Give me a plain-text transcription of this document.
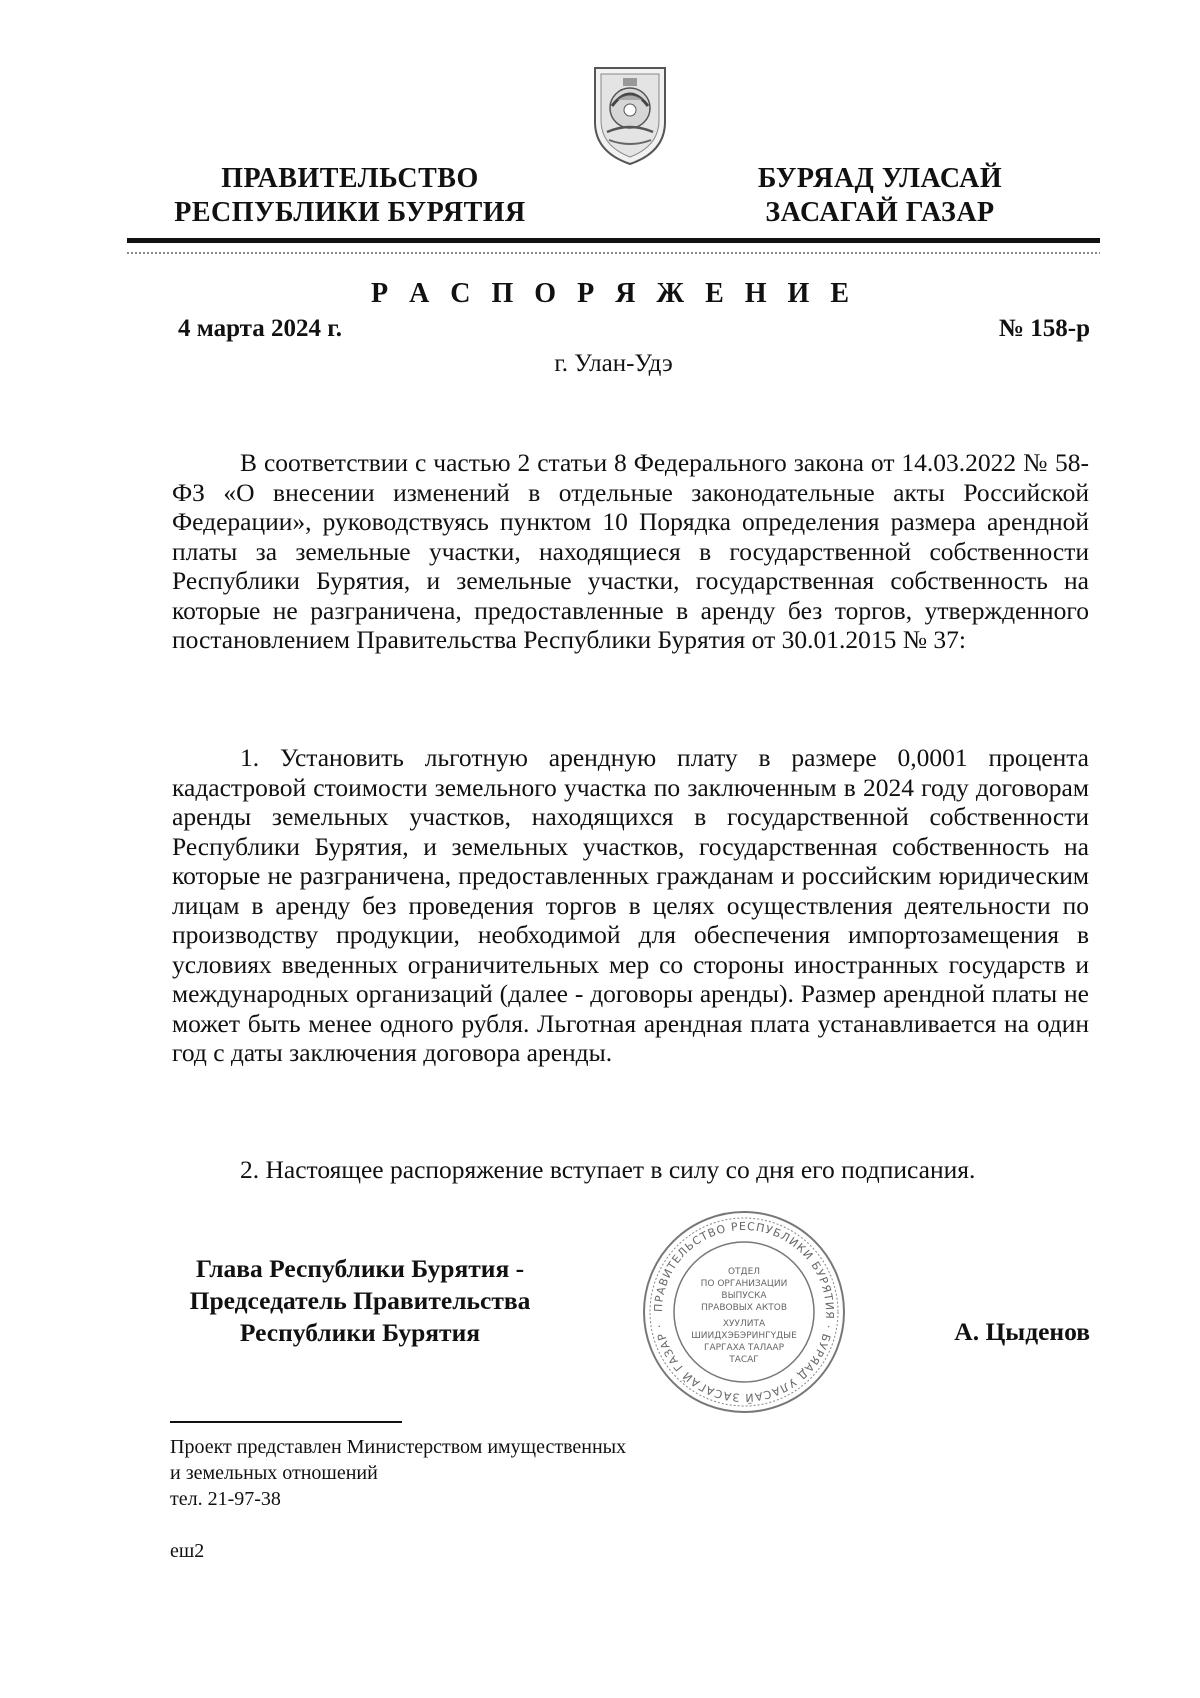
ПРАВИТЕЛЬСТВО
РЕСПУБЛИКИ БУРЯТИЯ
БУРЯАД УЛАСАЙ
ЗАСАГАЙ ГАЗАР
Р А С П О Р Я Ж Е Н И Е
4 марта 2024 г.	№ 158-р
г. Улан-Удэ

В соответствии с частью 2 статьи 8 Федерального закона от 14.03.2022 № 58-ФЗ «О внесении изменений в отдельные законодательные акты Российской Федерации», руководствуясь пунктом 10 Порядка определения размера арендной платы за земельные участки, находящиеся в государственной собственности Республики Бурятия, и земельные участки, государственная собственность на которые не разграничена, предоставленные в аренду без торгов, утвержденного постановлением Правительства Республики Бурятия от 30.01.2015 № 37:

1. Установить льготную арендную плату в размере 0,0001 процента кадастровой стоимости земельного участка по заключенным в 2024 году договорам аренды земельных участков, находящихся в государственной собственности Республики Бурятия, и земельных участков, государственная собственность на которые не разграничена, предоставленных гражданам и российским юридическим лицам в аренду без проведения торгов в целях осуществления деятельности по производству продукции, необходимой для обеспечения импортозамещения в условиях введенных ограничительных мер со стороны иностранных государств и международных организаций (далее - договоры аренды). Размер арендной платы не может быть менее одного рубля. Льготная арендная плата устанавливается на один год с даты заключения договора аренды.

2. Настоящее распоряжение вступает в силу со дня его подписания.

Глава Республики Бурятия -
Председатель Правительства
Республики Бурятия
ПРАВИТЕЛЬСТВО РЕСПУБЛИКИ БУРЯТИЯ · БУРЯАД УЛАСАЙ ЗАСАГАЙ ГАЗАР ·
ОТДЕЛ
ПО ОРГАНИЗАЦИИ
ВЫПУСКА
ПРАВОВЫХ АКТОВ
ХУУЛИТА
ШИИДХЭБЭРИНГҮДЫЕ
ГАРГАХА ТАЛААР
ТАСАГ
А. Цыденов
Проект представлен Министерством имущественных
и земельных отношений
тел. 21-97-38
еш2
